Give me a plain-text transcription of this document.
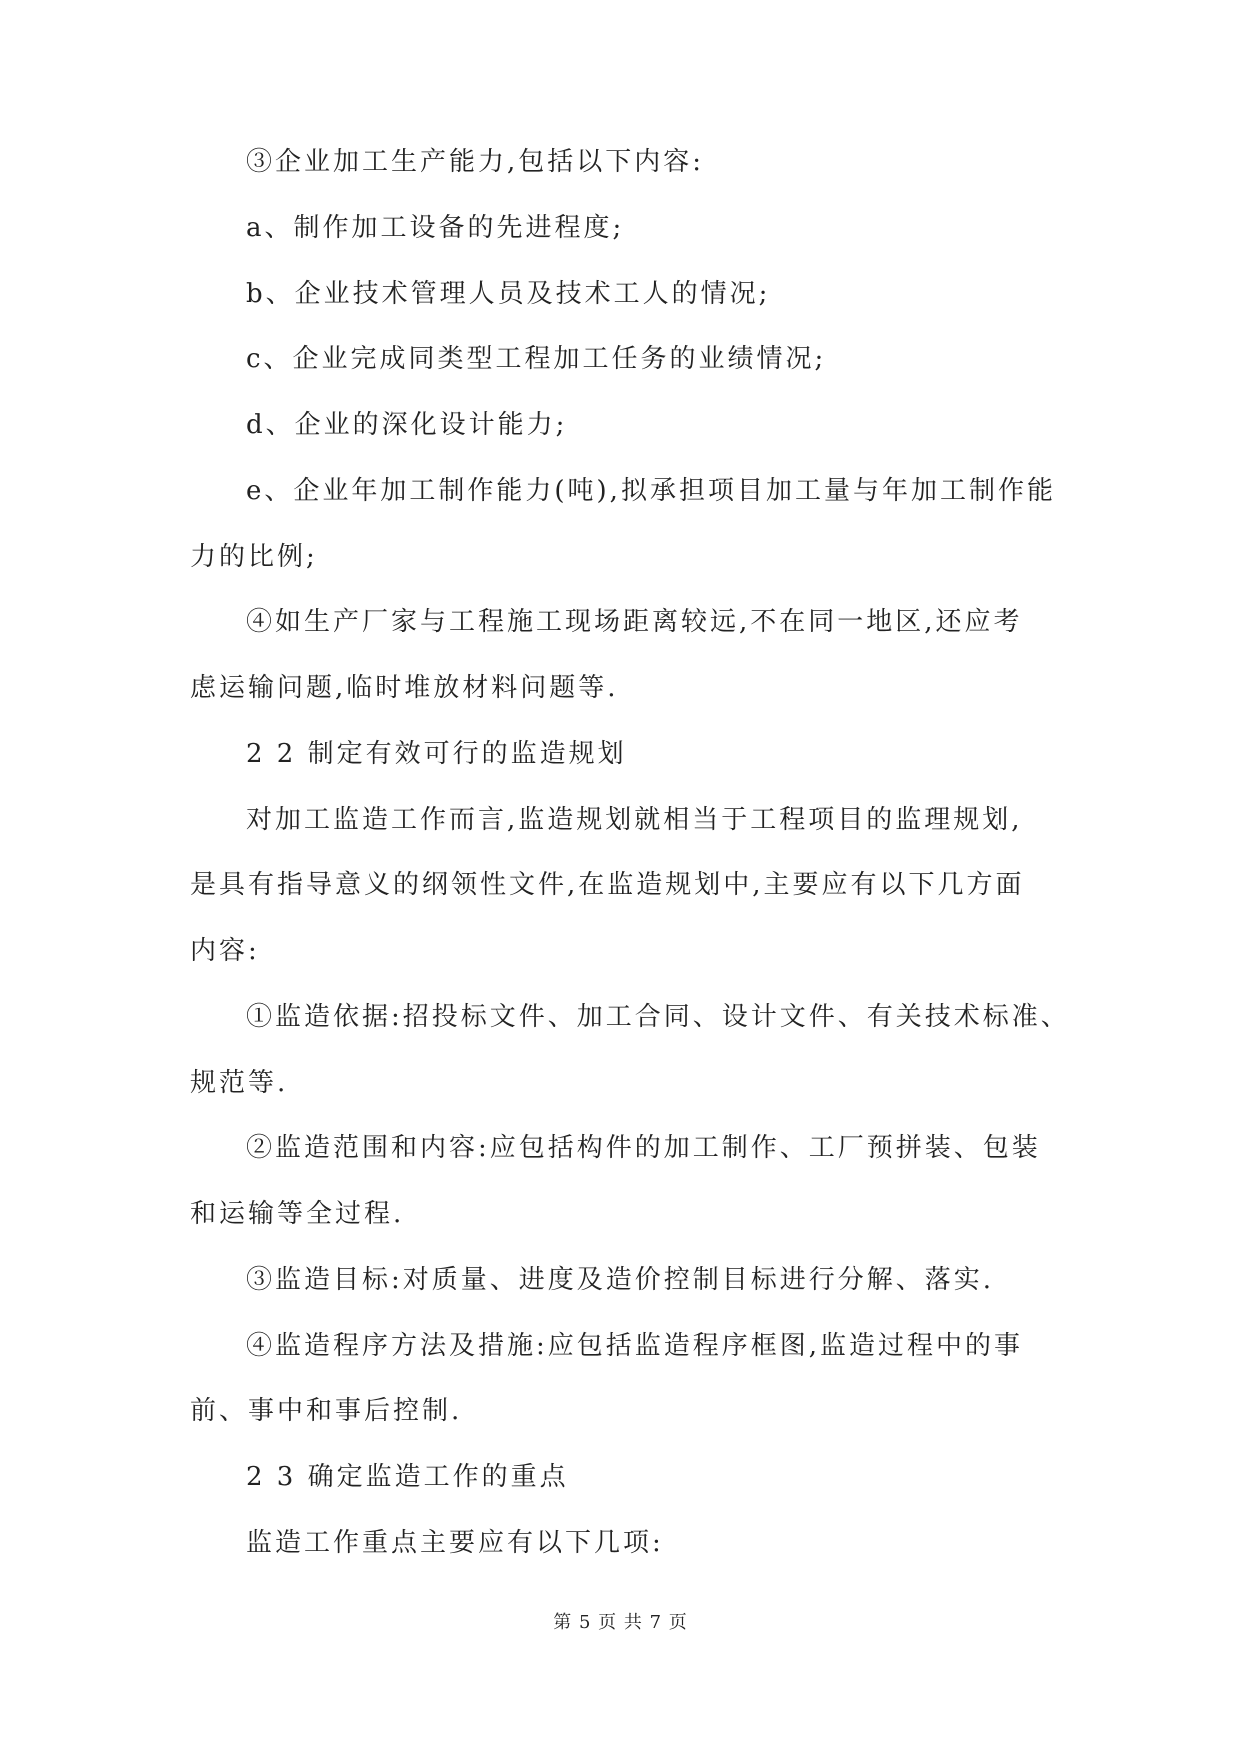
③企业加工生产能力,包括以下内容:
a、制作加工设备的先进程度;
b、企业技术管理人员及技术工人的情况;
c、企业完成同类型工程加工任务的业绩情况;
d、企业的深化设计能力;
e、企业年加工制作能力(吨),拟承担项目加工量与年加工制作能
力的比例;
④如生产厂家与工程施工现场距离较远,不在同一地区,还应考
虑运输问题,临时堆放材料问题等.
2 2 制定有效可行的监造规划
对加工监造工作而言,监造规划就相当于工程项目的监理规划,
是具有指导意义的纲领性文件,在监造规划中,主要应有以下几方面
内容:
①监造依据:招投标文件、加工合同、设计文件、有关技术标准、
规范等.
②监造范围和内容:应包括构件的加工制作、工厂预拼装、包装
和运输等全过程.
③监造目标:对质量、进度及造价控制目标进行分解、落实.
④监造程序方法及措施:应包括监造程序框图,监造过程中的事
前、事中和事后控制.
2 3 确定监造工作的重点
监造工作重点主要应有以下几项:
第 5 页 共 7 页
